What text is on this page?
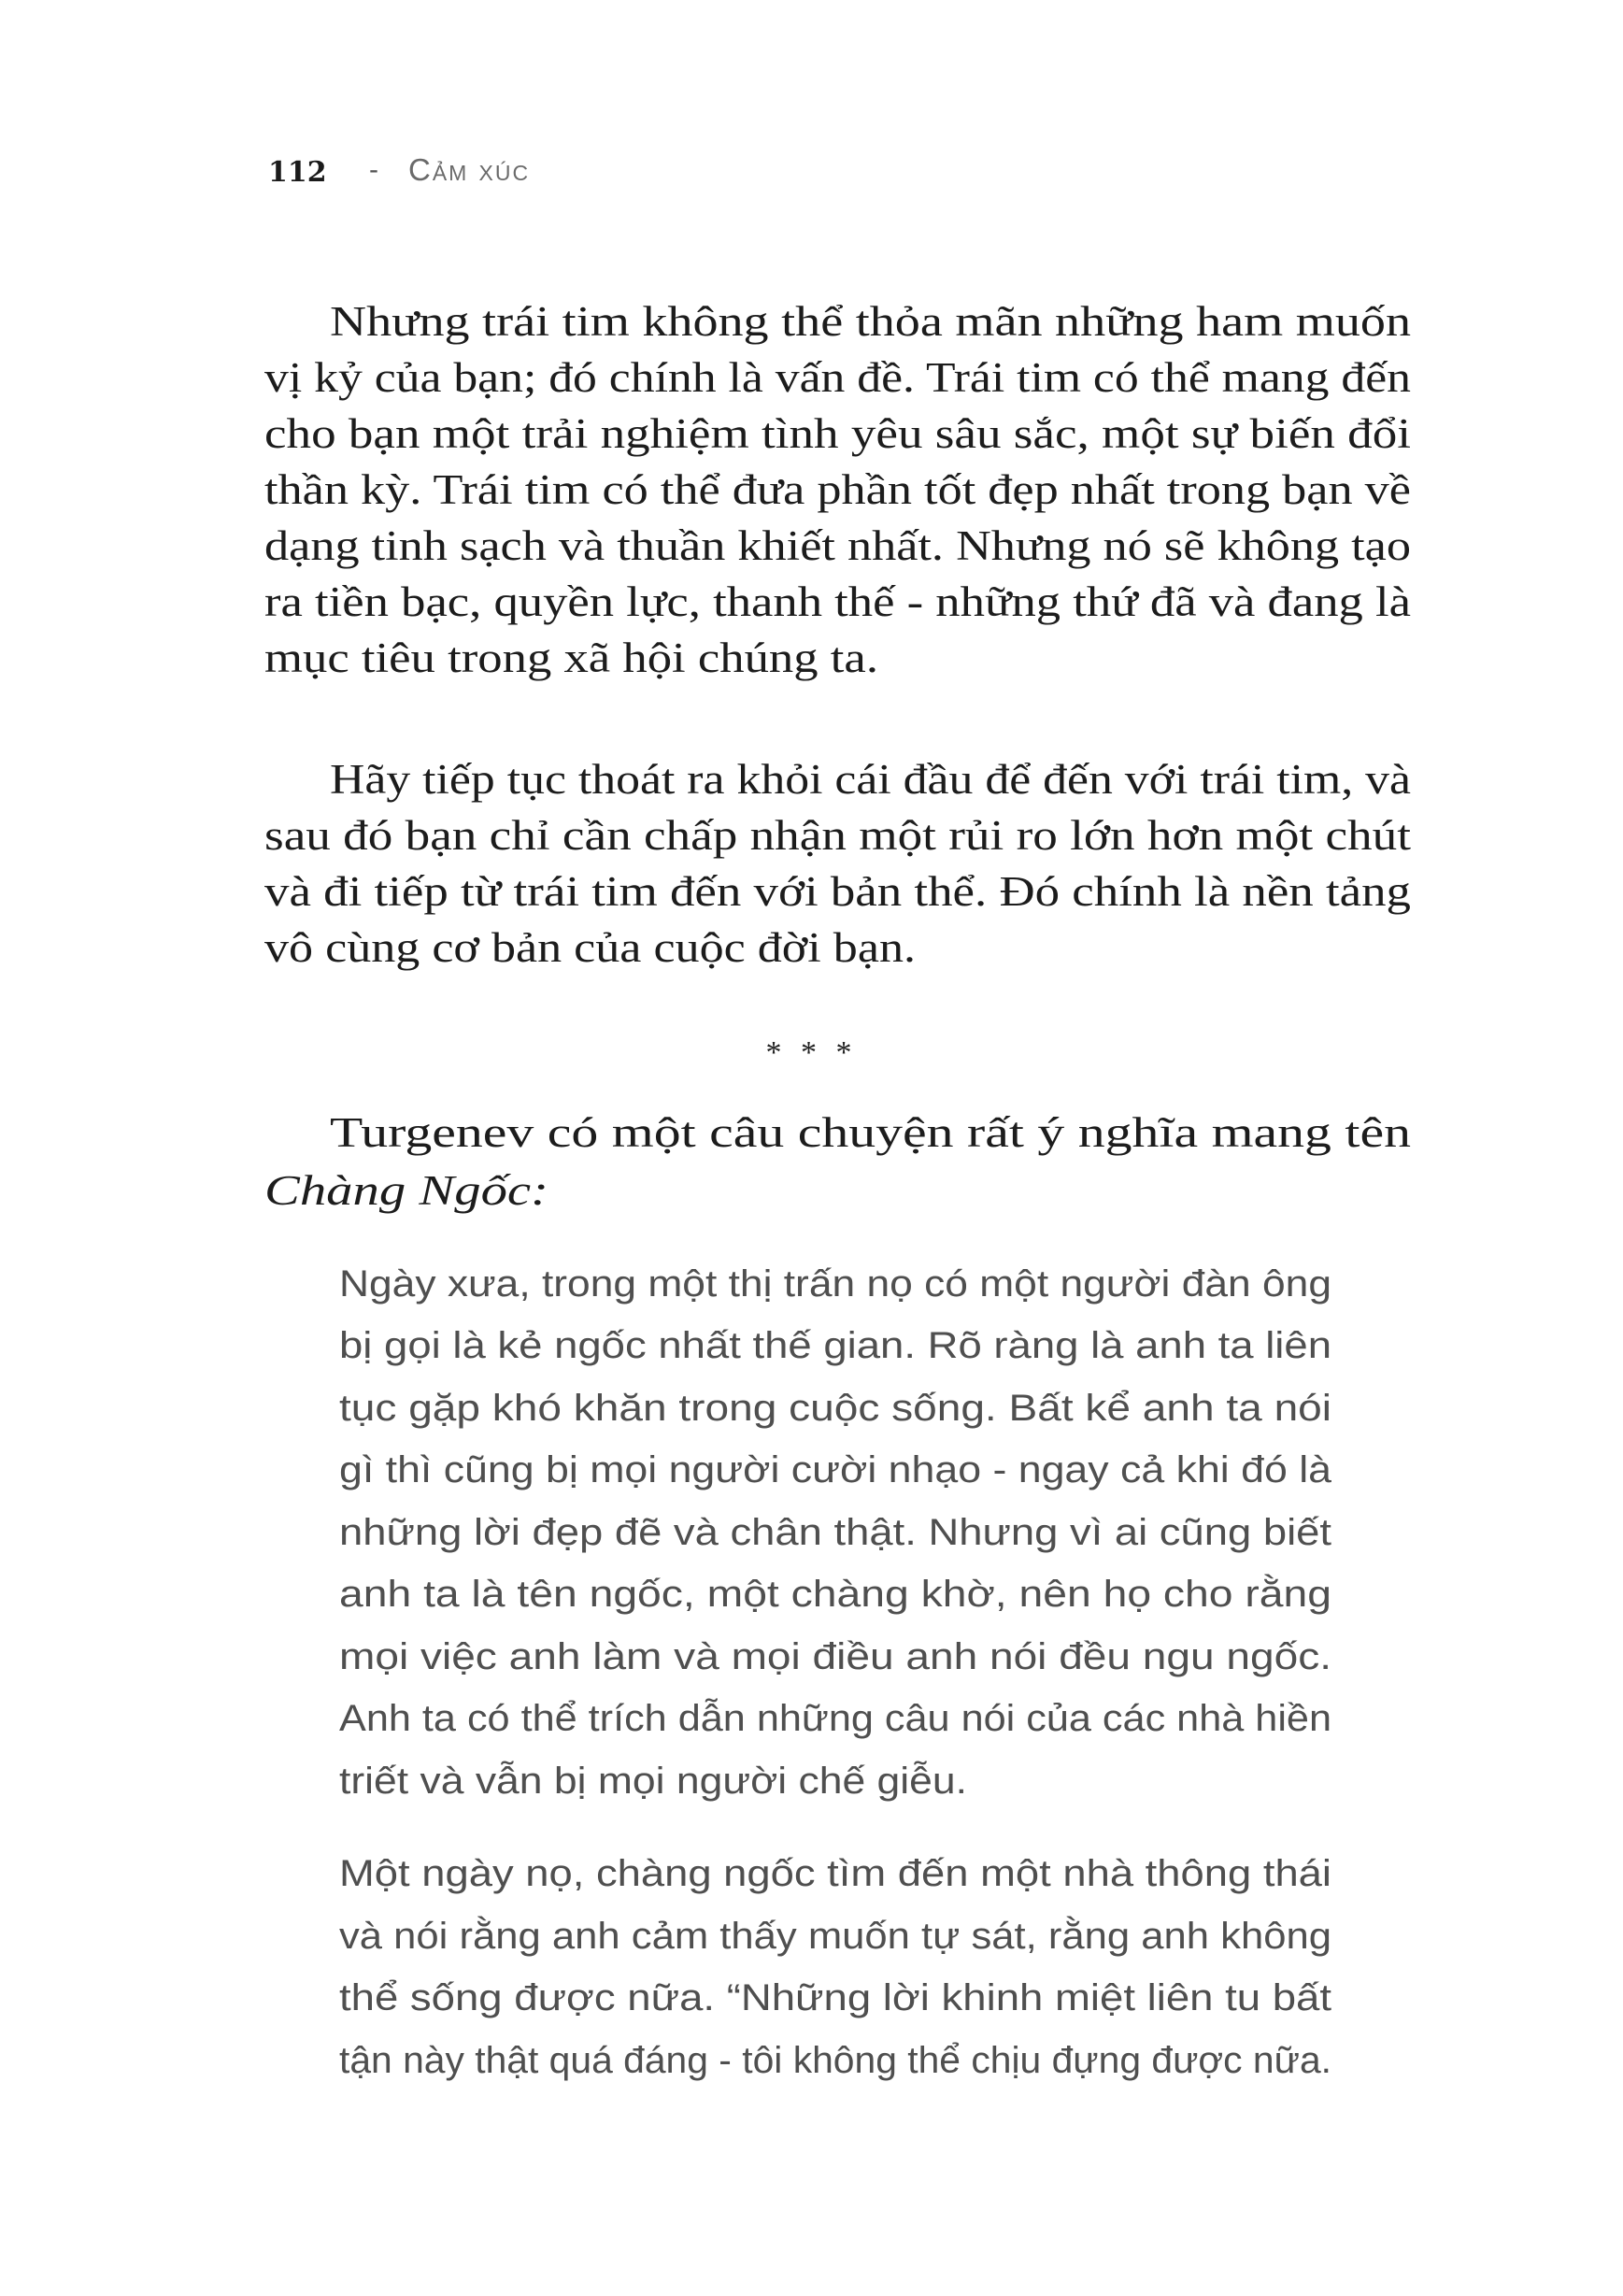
112 - Cảm xúc
Nhưng trái tim không thể thỏa mãn những ham muốn
vị kỷ của bạn; đó chính là vấn đề. Trái tim có thể mang đến
cho bạn một trải nghiệm tình yêu sâu sắc, một sự biến đổi
thần kỳ. Trái tim có thể đưa phần tốt đẹp nhất trong bạn về
dạng tinh sạch và thuần khiết nhất. Nhưng nó sẽ không tạo
ra tiền bạc, quyền lực, thanh thế - những thứ đã và đang là
mục tiêu trong xã hội chúng ta.
Hãy tiếp tục thoát ra khỏi cái đầu để đến với trái tim, và
sau đó bạn chỉ cần chấp nhận một rủi ro lớn hơn một chút
và đi tiếp từ trái tim đến với bản thể. Đó chính là nền tảng
vô cùng cơ bản của cuộc đời bạn.
* * *
Turgenev có một câu chuyện rất ý nghĩa mang tên
Chàng Ngốc:
Ngày xưa, trong một thị trấn nọ có một người đàn ông
bị gọi là kẻ ngốc nhất thế gian. Rõ ràng là anh ta liên
tục gặp khó khăn trong cuộc sống. Bất kể anh ta nói
gì thì cũng bị mọi người cười nhạo - ngay cả khi đó là
những lời đẹp đẽ và chân thật. Nhưng vì ai cũng biết
anh ta là tên ngốc, một chàng khờ, nên họ cho rằng
mọi việc anh làm và mọi điều anh nói đều ngu ngốc.
Anh ta có thể trích dẫn những câu nói của các nhà hiền
triết và vẫn bị mọi người chế giễu.
Một ngày nọ, chàng ngốc tìm đến một nhà thông thái
và nói rằng anh cảm thấy muốn tự sát, rằng anh không
thể sống được nữa. “Những lời khinh miệt liên tu bất
tận này thật quá đáng - tôi không thể chịu đựng được nữa.
